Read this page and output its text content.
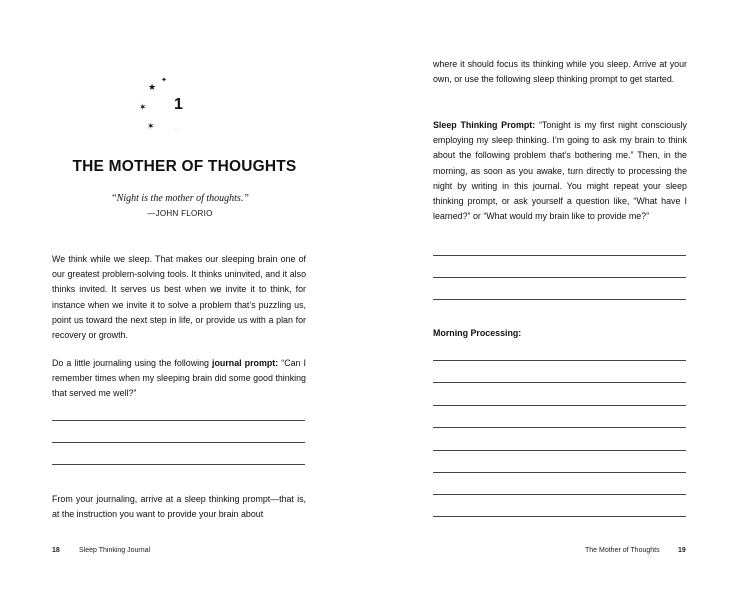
★
✦
✶
✶
1
THE MOTHER OF THOUGHTS
“Night is the mother of thoughts.”
—JOHN FLORIO

We think while we sleep. That makes our sleeping brain one of our greatest problem-solving tools. It thinks uninvited, and it also thinks invited. It serves us best when we invite it to think, for instance when we invite it to solve a problem that’s puzzling us, point us toward the next step in life, or provide us with a plan for recovery or growth.

Do a little journaling using the following journal prompt: “Can I remember times when my sleeping brain did some good thinking that served me well?”

From your journaling, arrive at a sleep thinking prompt—that is, at the instruction you want to provide your brain about

18	Sleep Thinking Journal

where it should focus its thinking while you sleep. Arrive at your own, or use the following sleep thinking prompt to get started.

Sleep Thinking Prompt: “Tonight is my first night consciously employing my sleep thinking. I’m going to ask my brain to think about the following problem that’s bothering me.” Then, in the morning, as soon as you awake, turn directly to processing the night by writing in this journal. You might repeat your sleep thinking prompt, or ask yourself a question like, “What have I learned?” or “What would my brain like to provide me?”

Morning Processing:
The Mother of Thoughts	19
